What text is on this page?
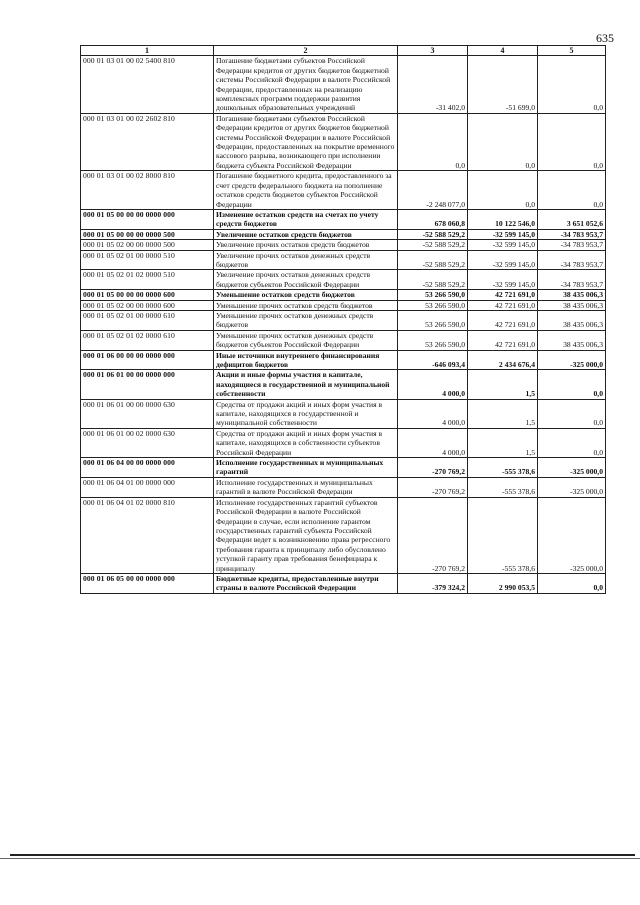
635
1	2	3	4	5
000 01 03 01 00 02 5400 810	Погашение бюджетами субъектов Российской Федерации кредитов от других бюджетов бюджетной системы Российской Федерации в валюте Российской Федерации, предоставленных на реализацию комплексных программ поддержки развития дошкольных образовательных учреждений	-31 402,0	-51 699,0	0,0
000 01 03 01 00 02 2602 810	Погашение бюджетами субъектов Российской Федерации кредитов от других бюджетов бюджетной системы Российской Федерации в валюте Российской Федерации, предоставленных на покрытие временного кассового разрыва, возникающего при исполнении бюджета субъекта Российской Федерации	0,0	0,0	0,0
000 01 03 01 00 02 8000 810	Погашение бюджетного кредита, предоставленного за счет средств федерального бюджета на пополнение остатков средств бюджетов субъектов Российской Федерации	-2 248 077,0	0,0	0,0
000 01 05 00 00 00 0000 000	Изменение остатков средств на счетах по учету средств бюджетов	678 060,8	10 122 546,0	3 651 052,6
000 01 05 00 00 00 0000 500	Увеличение остатков средств бюджетов	-52 588 529,2	-32 599 145,0	-34 783 953,7
000 01 05 02 00 00 0000 500	Увеличение прочих остатков средств бюджетов	-52 588 529,2	-32 599 145,0	-34 783 953,7
000 01 05 02 01 00 0000 510	Увеличение прочих остатков денежных средств бюджетов	-52 588 529,2	-32 599 145,0	-34 783 953,7
000 01 05 02 01 02 0000 510	Увеличение прочих остатков денежных средств бюджетов субъектов Российской Федерации	-52 588 529,2	-32 599 145,0	-34 783 953,7
000 01 05 00 00 00 0000 600	Уменьшение остатков средств бюджетов	53 266 590,0	42 721 691,0	38 435 006,3
000 01 05 02 00 00 0000 600	Уменьшение прочих остатков средств бюджетов	53 266 590,0	42 721 691,0	38 435 006,3
000 01 05 02 01 00 0000 610	Уменьшение прочих остатков денежных средств бюджетов	53 266 590,0	42 721 691,0	38 435 006,3
000 01 05 02 01 02 0000 610	Уменьшение прочих остатков денежных средств бюджетов субъектов Российской Федерации	53 266 590,0	42 721 691,0	38 435 006,3
000 01 06 00 00 00 0000 000	Иные источники внутреннего финансирования дефицитов бюджетов	-646 093,4	2 434 676,4	-325 000,0
000 01 06 01 00 00 0000 000	Акции и иные формы участия в капитале, находящиеся в государственной и муниципальной собственности	4 000,0	1,5	0,0
000 01 06 01 00 00 0000 630	Средства от продажи акций и иных форм участия в капитале, находящихся в государственной и муниципальной собственности	4 000,0	1,5	0,0
000 01 06 01 00 02 0000 630	Средства от продажи акций и иных форм участия в капитале, находящихся в собственности субъектов Российской Федерации	4 000,0	1,5	0,0
000 01 06 04 00 00 0000 000	Исполнение государственных и муниципальных гарантий	-270 769,2	-555 378,6	-325 000,0
000 01 06 04 01 00 0000 000	Исполнение государственных и муниципальных гарантий в валюте Российской Федерации	-270 769,2	-555 378,6	-325 000,0
000 01 06 04 01 02 0000 810	Исполнение государственных гарантий субъектов Российской Федерации в валюте Российской Федерации в случае, если исполнение гарантом государственных гарантий субъекта Российской Федерации ведет к возникновению права регрессного требования гаранта к принципалу либо обусловлено уступкой гаранту прав требования бенефициара к принципалу	-270 769,2	-555 378,6	-325 000,0
000 01 06 05 00 00 0000 000	Бюджетные кредиты, предоставленные внутри страны в валюте Российской Федерации	-379 324,2	2 990 053,5	0,0
